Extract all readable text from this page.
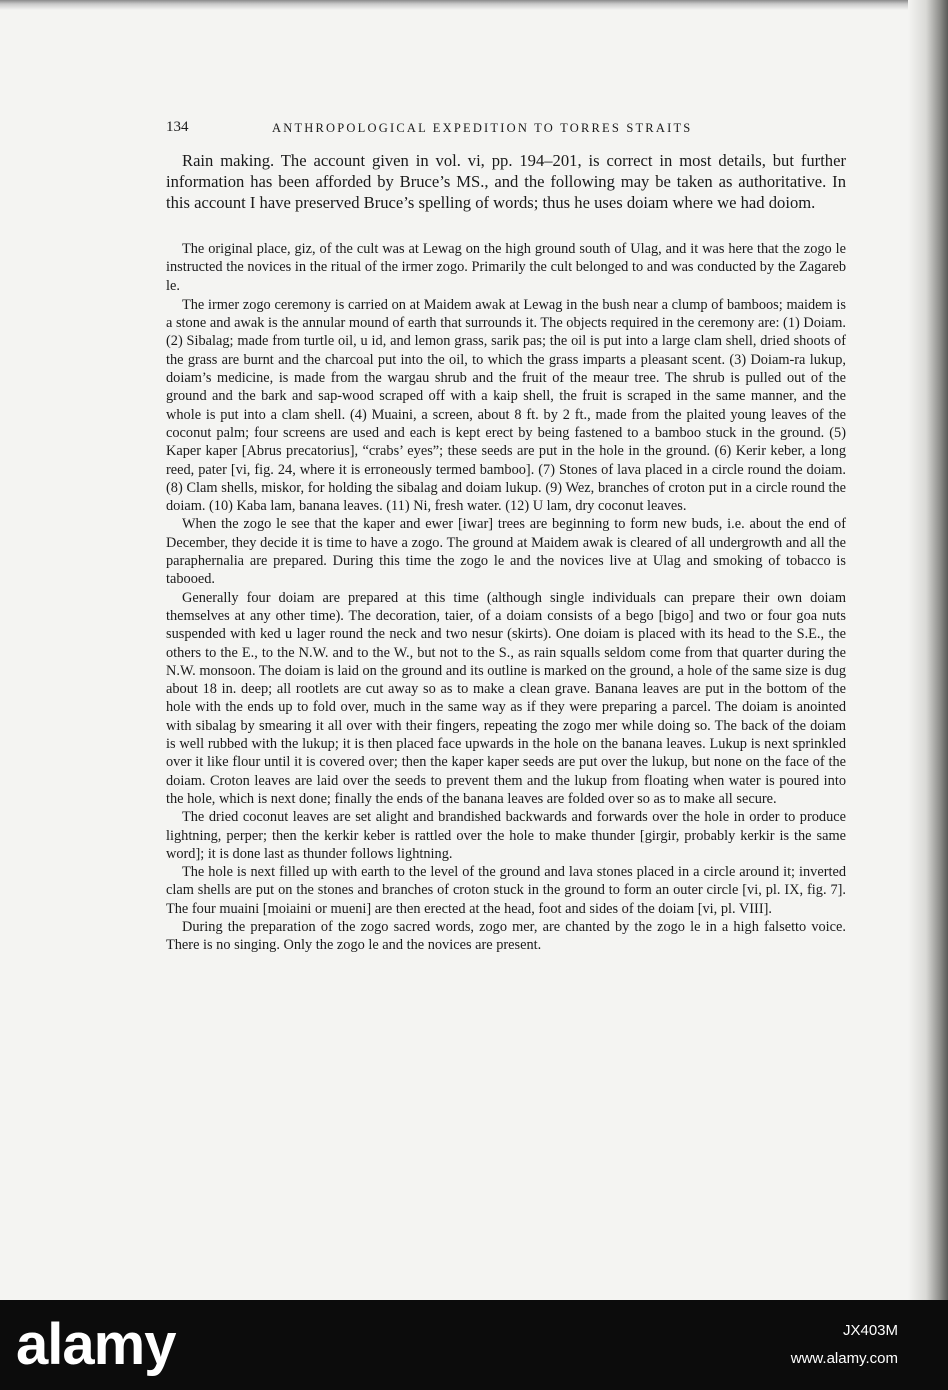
134	ANTHROPOLOGICAL EXPEDITION TO TORRES STRAITS

Rain making. The account given in vol. vi, pp. 194–201, is correct in most details, but further information has been afforded by Bruce’s MS., and the following may be taken as authoritative. In this account I have preserved Bruce’s spelling of words; thus he uses doiam where we had doiom.

The original place, giz, of the cult was at Lewag on the high ground south of Ulag, and it was here that the zogo le instructed the novices in the ritual of the irmer zogo. Primarily the cult belonged to and was conducted by the Zagareb le.

The irmer zogo ceremony is carried on at Maidem awak at Lewag in the bush near a clump of bamboos; maidem is a stone and awak is the annular mound of earth that surrounds it. The objects required in the ceremony are: (1) Doiam. (2) Sibalag; made from turtle oil, u id, and lemon grass, sarik pas; the oil is put into a large clam shell, dried shoots of the grass are burnt and the charcoal put into the oil, to which the grass imparts a pleasant scent. (3) Doiam-ra lukup, doiam’s medicine, is made from the wargau shrub and the fruit of the meaur tree. The shrub is pulled out of the ground and the bark and sap-wood scraped off with a kaip shell, the fruit is scraped in the same manner, and the whole is put into a clam shell. (4) Muaini, a screen, about 8 ft. by 2 ft., made from the plaited young leaves of the coconut palm; four screens are used and each is kept erect by being fastened to a bamboo stuck in the ground. (5) Kaper kaper [Abrus precatorius], “crabs’ eyes”; these seeds are put in the hole in the ground. (6) Kerir keber, a long reed, pater [vi, fig. 24, where it is erroneously termed bamboo]. (7) Stones of lava placed in a circle round the doiam. (8) Clam shells, miskor, for holding the sibalag and doiam lukup. (9) Wez, branches of croton put in a circle round the doiam. (10) Kaba lam, banana leaves. (11) Ni, fresh water. (12) U lam, dry coconut leaves.

When the zogo le see that the kaper and ewer [iwar] trees are beginning to form new buds, i.e. about the end of December, they decide it is time to have a zogo. The ground at Maidem awak is cleared of all undergrowth and all the paraphernalia are prepared. During this time the zogo le and the novices live at Ulag and smoking of tobacco is tabooed.

Generally four doiam are prepared at this time (although single individuals can prepare their own doiam themselves at any other time). The decoration, taier, of a doiam consists of a bego [bigo] and two or four goa nuts suspended with ked u lager round the neck and two nesur (skirts). One doiam is placed with its head to the S.E., the others to the E., to the N.W. and to the W., but not to the S., as rain squalls seldom come from that quarter during the N.W. monsoon. The doiam is laid on the ground and its outline is marked on the ground, a hole of the same size is dug about 18 in. deep; all rootlets are cut away so as to make a clean grave. Banana leaves are put in the bottom of the hole with the ends up to fold over, much in the same way as if they were preparing a parcel. The doiam is anointed with sibalag by smearing it all over with their fingers, repeating the zogo mer while doing so. The back of the doiam is well rubbed with the lukup; it is then placed face upwards in the hole on the banana leaves. Lukup is next sprinkled over it like flour until it is covered over; then the kaper kaper seeds are put over the lukup, but none on the face of the doiam. Croton leaves are laid over the seeds to prevent them and the lukup from floating when water is poured into the hole, which is next done; finally the ends of the banana leaves are folded over so as to make all secure.

The dried coconut leaves are set alight and brandished backwards and forwards over the hole in order to produce lightning, perper; then the kerkir keber is rattled over the hole to make thunder [girgir, probably kerkir is the same word]; it is done last as thunder follows lightning.

The hole is next filled up with earth to the level of the ground and lava stones placed in a circle around it; inverted clam shells are put on the stones and branches of croton stuck in the ground to form an outer circle [vi, pl. IX, fig. 7]. The four muaini [moiaini or mueni] are then erected at the head, foot and sides of the doiam [vi, pl. VIII].

During the preparation of the zogo sacred words, zogo mer, are chanted by the zogo le in a high falsetto voice. There is no singing. Only the zogo le and the novices are present.

alamy	JX403M
www.alamy.com
